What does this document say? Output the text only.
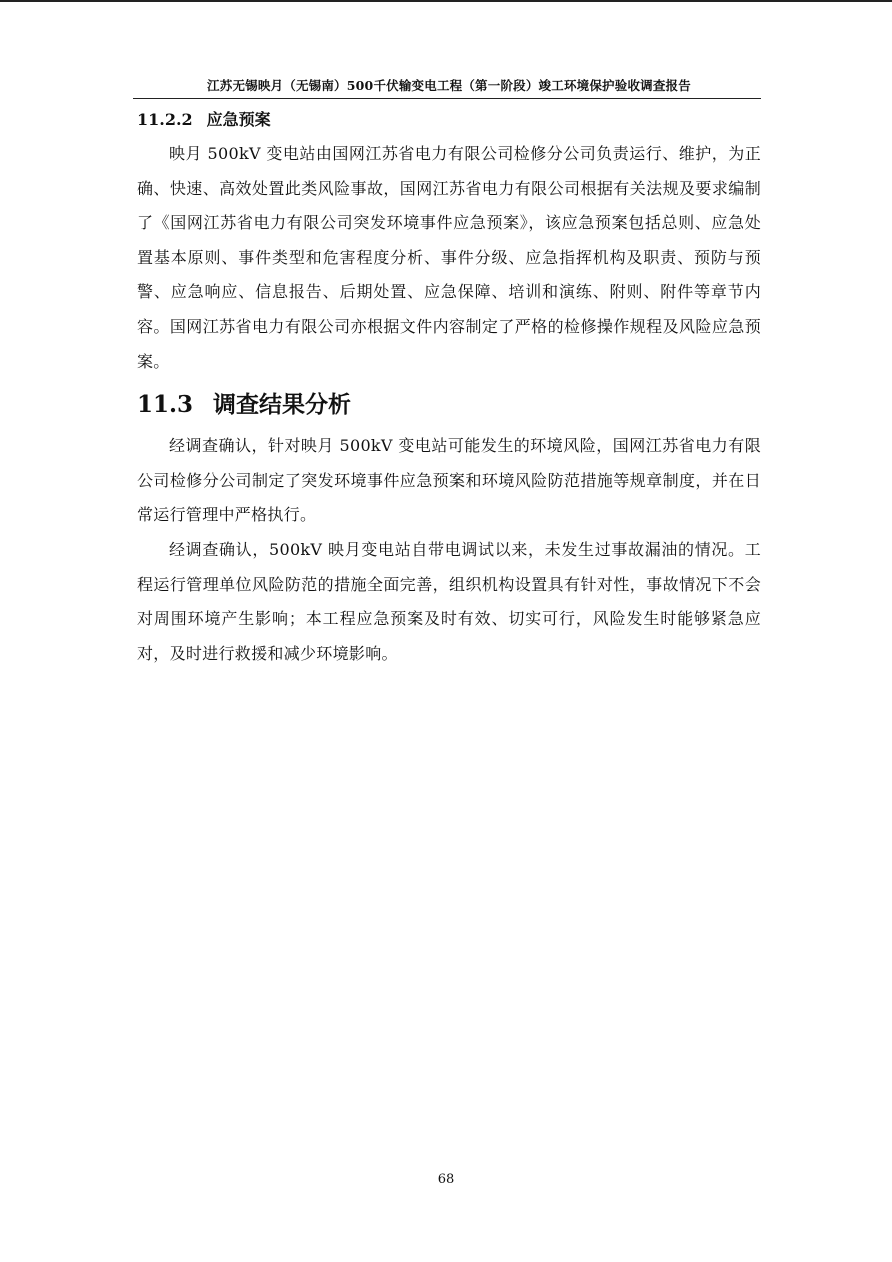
江苏无锡映月（无锡南）500千伏输变电工程（第一阶段）竣工环境保护验收调查报告
11.2.2 应急预案

映月 500kV 变电站由国网江苏省电力有限公司检修分公司负责运行、维护，为正确、快速、高效处置此类风险事故，国网江苏省电力有限公司根据有关法规及要求编制了《国网江苏省电力有限公司突发环境事件应急预案》，该应急预案包括总则、应急处置基本原则、事件类型和危害程度分析、事件分级、应急指挥机构及职责、预防与预警、应急响应、信息报告、后期处置、应急保障、培训和演练、附则、附件等章节内容。国网江苏省电力有限公司亦根据文件内容制定了严格的检修操作规程及风险应急预案。

11.3 调查结果分析

经调查确认，针对映月 500kV 变电站可能发生的环境风险，国网江苏省电力有限公司检修分公司制定了突发环境事件应急预案和环境风险防范措施等规章制度，并在日常运行管理中严格执行。

经调查确认，500kV 映月变电站自带电调试以来，未发生过事故漏油的情况。工程运行管理单位风险防范的措施全面完善，组织机构设置具有针对性，事故情况下不会对周围环境产生影响；本工程应急预案及时有效、切实可行，风险发生时能够紧急应对，及时进行救援和减少环境影响。

68
